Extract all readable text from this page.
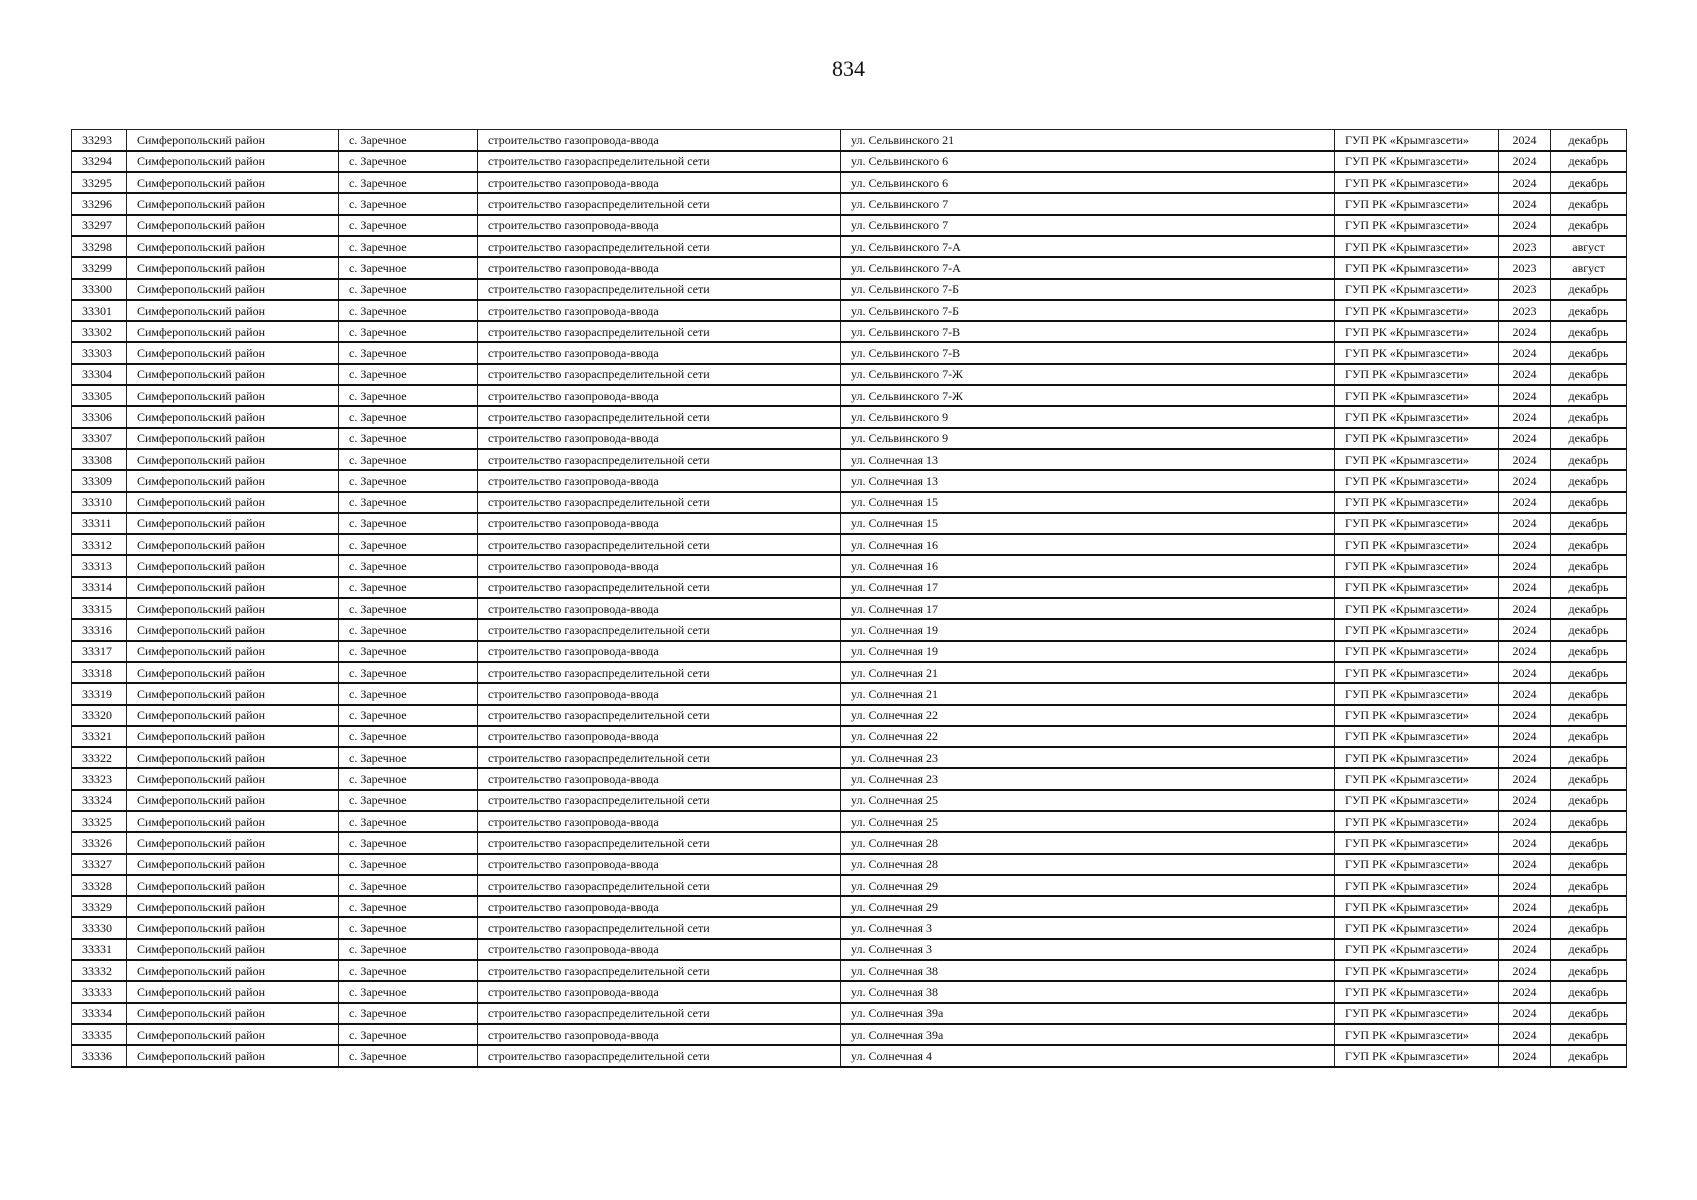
834
33293	Симферопольский район	с. Заречное	строительство газопровода-ввода	ул. Сельвинского 21	ГУП РК «Крымгазсети»	2024	декабрь
33294	Симферопольский район	с. Заречное	строительство газораспределительной сети	ул. Сельвинского 6	ГУП РК «Крымгазсети»	2024	декабрь
33295	Симферопольский район	с. Заречное	строительство газопровода-ввода	ул. Сельвинского 6	ГУП РК «Крымгазсети»	2024	декабрь
33296	Симферопольский район	с. Заречное	строительство газораспределительной сети	ул. Сельвинского 7	ГУП РК «Крымгазсети»	2024	декабрь
33297	Симферопольский район	с. Заречное	строительство газопровода-ввода	ул. Сельвинского 7	ГУП РК «Крымгазсети»	2024	декабрь
33298	Симферопольский район	с. Заречное	строительство газораспределительной сети	ул. Сельвинского 7-А	ГУП РК «Крымгазсети»	2023	август
33299	Симферопольский район	с. Заречное	строительство газопровода-ввода	ул. Сельвинского 7-А	ГУП РК «Крымгазсети»	2023	август
33300	Симферопольский район	с. Заречное	строительство газораспределительной сети	ул. Сельвинского 7-Б	ГУП РК «Крымгазсети»	2023	декабрь
33301	Симферопольский район	с. Заречное	строительство газопровода-ввода	ул. Сельвинского 7-Б	ГУП РК «Крымгазсети»	2023	декабрь
33302	Симферопольский район	с. Заречное	строительство газораспределительной сети	ул. Сельвинского 7-В	ГУП РК «Крымгазсети»	2024	декабрь
33303	Симферопольский район	с. Заречное	строительство газопровода-ввода	ул. Сельвинского 7-В	ГУП РК «Крымгазсети»	2024	декабрь
33304	Симферопольский район	с. Заречное	строительство газораспределительной сети	ул. Сельвинского 7-Ж	ГУП РК «Крымгазсети»	2024	декабрь
33305	Симферопольский район	с. Заречное	строительство газопровода-ввода	ул. Сельвинского 7-Ж	ГУП РК «Крымгазсети»	2024	декабрь
33306	Симферопольский район	с. Заречное	строительство газораспределительной сети	ул. Сельвинского 9	ГУП РК «Крымгазсети»	2024	декабрь
33307	Симферопольский район	с. Заречное	строительство газопровода-ввода	ул. Сельвинского 9	ГУП РК «Крымгазсети»	2024	декабрь
33308	Симферопольский район	с. Заречное	строительство газораспределительной сети	ул. Солнечная 13	ГУП РК «Крымгазсети»	2024	декабрь
33309	Симферопольский район	с. Заречное	строительство газопровода-ввода	ул. Солнечная 13	ГУП РК «Крымгазсети»	2024	декабрь
33310	Симферопольский район	с. Заречное	строительство газораспределительной сети	ул. Солнечная 15	ГУП РК «Крымгазсети»	2024	декабрь
33311	Симферопольский район	с. Заречное	строительство газопровода-ввода	ул. Солнечная 15	ГУП РК «Крымгазсети»	2024	декабрь
33312	Симферопольский район	с. Заречное	строительство газораспределительной сети	ул. Солнечная 16	ГУП РК «Крымгазсети»	2024	декабрь
33313	Симферопольский район	с. Заречное	строительство газопровода-ввода	ул. Солнечная 16	ГУП РК «Крымгазсети»	2024	декабрь
33314	Симферопольский район	с. Заречное	строительство газораспределительной сети	ул. Солнечная 17	ГУП РК «Крымгазсети»	2024	декабрь
33315	Симферопольский район	с. Заречное	строительство газопровода-ввода	ул. Солнечная 17	ГУП РК «Крымгазсети»	2024	декабрь
33316	Симферопольский район	с. Заречное	строительство газораспределительной сети	ул. Солнечная 19	ГУП РК «Крымгазсети»	2024	декабрь
33317	Симферопольский район	с. Заречное	строительство газопровода-ввода	ул. Солнечная 19	ГУП РК «Крымгазсети»	2024	декабрь
33318	Симферопольский район	с. Заречное	строительство газораспределительной сети	ул. Солнечная 21	ГУП РК «Крымгазсети»	2024	декабрь
33319	Симферопольский район	с. Заречное	строительство газопровода-ввода	ул. Солнечная 21	ГУП РК «Крымгазсети»	2024	декабрь
33320	Симферопольский район	с. Заречное	строительство газораспределительной сети	ул. Солнечная 22	ГУП РК «Крымгазсети»	2024	декабрь
33321	Симферопольский район	с. Заречное	строительство газопровода-ввода	ул. Солнечная 22	ГУП РК «Крымгазсети»	2024	декабрь
33322	Симферопольский район	с. Заречное	строительство газораспределительной сети	ул. Солнечная 23	ГУП РК «Крымгазсети»	2024	декабрь
33323	Симферопольский район	с. Заречное	строительство газопровода-ввода	ул. Солнечная 23	ГУП РК «Крымгазсети»	2024	декабрь
33324	Симферопольский район	с. Заречное	строительство газораспределительной сети	ул. Солнечная 25	ГУП РК «Крымгазсети»	2024	декабрь
33325	Симферопольский район	с. Заречное	строительство газопровода-ввода	ул. Солнечная 25	ГУП РК «Крымгазсети»	2024	декабрь
33326	Симферопольский район	с. Заречное	строительство газораспределительной сети	ул. Солнечная 28	ГУП РК «Крымгазсети»	2024	декабрь
33327	Симферопольский район	с. Заречное	строительство газопровода-ввода	ул. Солнечная 28	ГУП РК «Крымгазсети»	2024	декабрь
33328	Симферопольский район	с. Заречное	строительство газораспределительной сети	ул. Солнечная 29	ГУП РК «Крымгазсети»	2024	декабрь
33329	Симферопольский район	с. Заречное	строительство газопровода-ввода	ул. Солнечная 29	ГУП РК «Крымгазсети»	2024	декабрь
33330	Симферопольский район	с. Заречное	строительство газораспределительной сети	ул. Солнечная 3	ГУП РК «Крымгазсети»	2024	декабрь
33331	Симферопольский район	с. Заречное	строительство газопровода-ввода	ул. Солнечная 3	ГУП РК «Крымгазсети»	2024	декабрь
33332	Симферопольский район	с. Заречное	строительство газораспределительной сети	ул. Солнечная 38	ГУП РК «Крымгазсети»	2024	декабрь
33333	Симферопольский район	с. Заречное	строительство газопровода-ввода	ул. Солнечная 38	ГУП РК «Крымгазсети»	2024	декабрь
33334	Симферопольский район	с. Заречное	строительство газораспределительной сети	ул. Солнечная 39а	ГУП РК «Крымгазсети»	2024	декабрь
33335	Симферопольский район	с. Заречное	строительство газопровода-ввода	ул. Солнечная 39а	ГУП РК «Крымгазсети»	2024	декабрь
33336	Симферопольский район	с. Заречное	строительство газораспределительной сети	ул. Солнечная 4	ГУП РК «Крымгазсети»	2024	декабрь
